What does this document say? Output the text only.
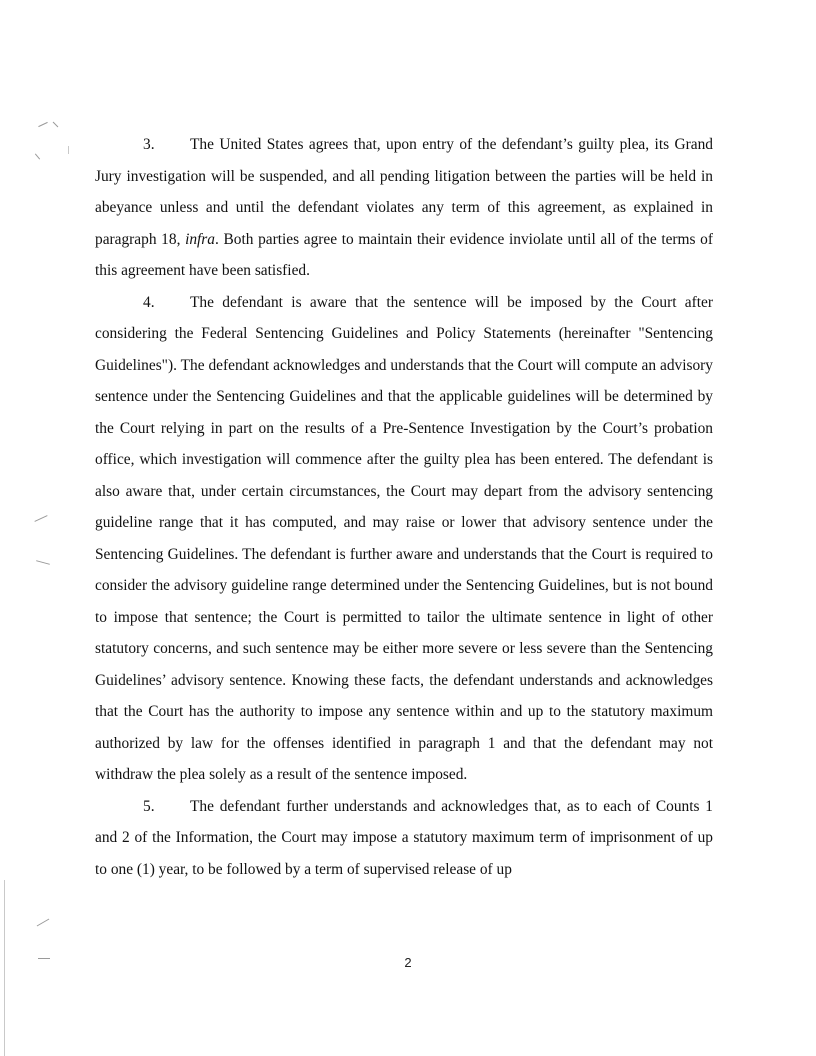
3. The United States agrees that, upon entry of the defendant’s guilty plea, its Grand Jury investigation will be suspended, and all pending litigation between the parties will be held in abeyance unless and until the defendant violates any term of this agreement, as explained in paragraph 18, infra. Both parties agree to maintain their evidence inviolate until all of the terms of this agreement have been satisfied.

4. The defendant is aware that the sentence will be imposed by the Court after considering the Federal Sentencing Guidelines and Policy Statements (hereinafter "Sentencing Guidelines"). The defendant acknowledges and understands that the Court will compute an advisory sentence under the Sentencing Guidelines and that the applicable guidelines will be determined by the Court relying in part on the results of a Pre-Sentence Investigation by the Court’s probation office, which investigation will commence after the guilty plea has been entered. The defendant is also aware that, under certain circumstances, the Court may depart from the advisory sentencing guideline range that it has computed, and may raise or lower that advisory sentence under the Sentencing Guidelines. The defendant is further aware and understands that the Court is required to consider the advisory guideline range determined under the Sentencing Guidelines, but is not bound to impose that sentence; the Court is permitted to tailor the ultimate sentence in light of other statutory concerns, and such sentence may be either more severe or less severe than the Sentencing Guidelines’ advisory sentence. Knowing these facts, the defendant understands and acknowledges that the Court has the authority to impose any sentence within and up to the statutory maximum authorized by law for the offenses identified in paragraph 1 and that the defendant may not withdraw the plea solely as a result of the sentence imposed.

5. The defendant further understands and acknowledges that, as to each of Counts 1 and 2 of the Information, the Court may impose a statutory maximum term of imprisonment of up to one (1) year, to be followed by a term of supervised release of up

2
